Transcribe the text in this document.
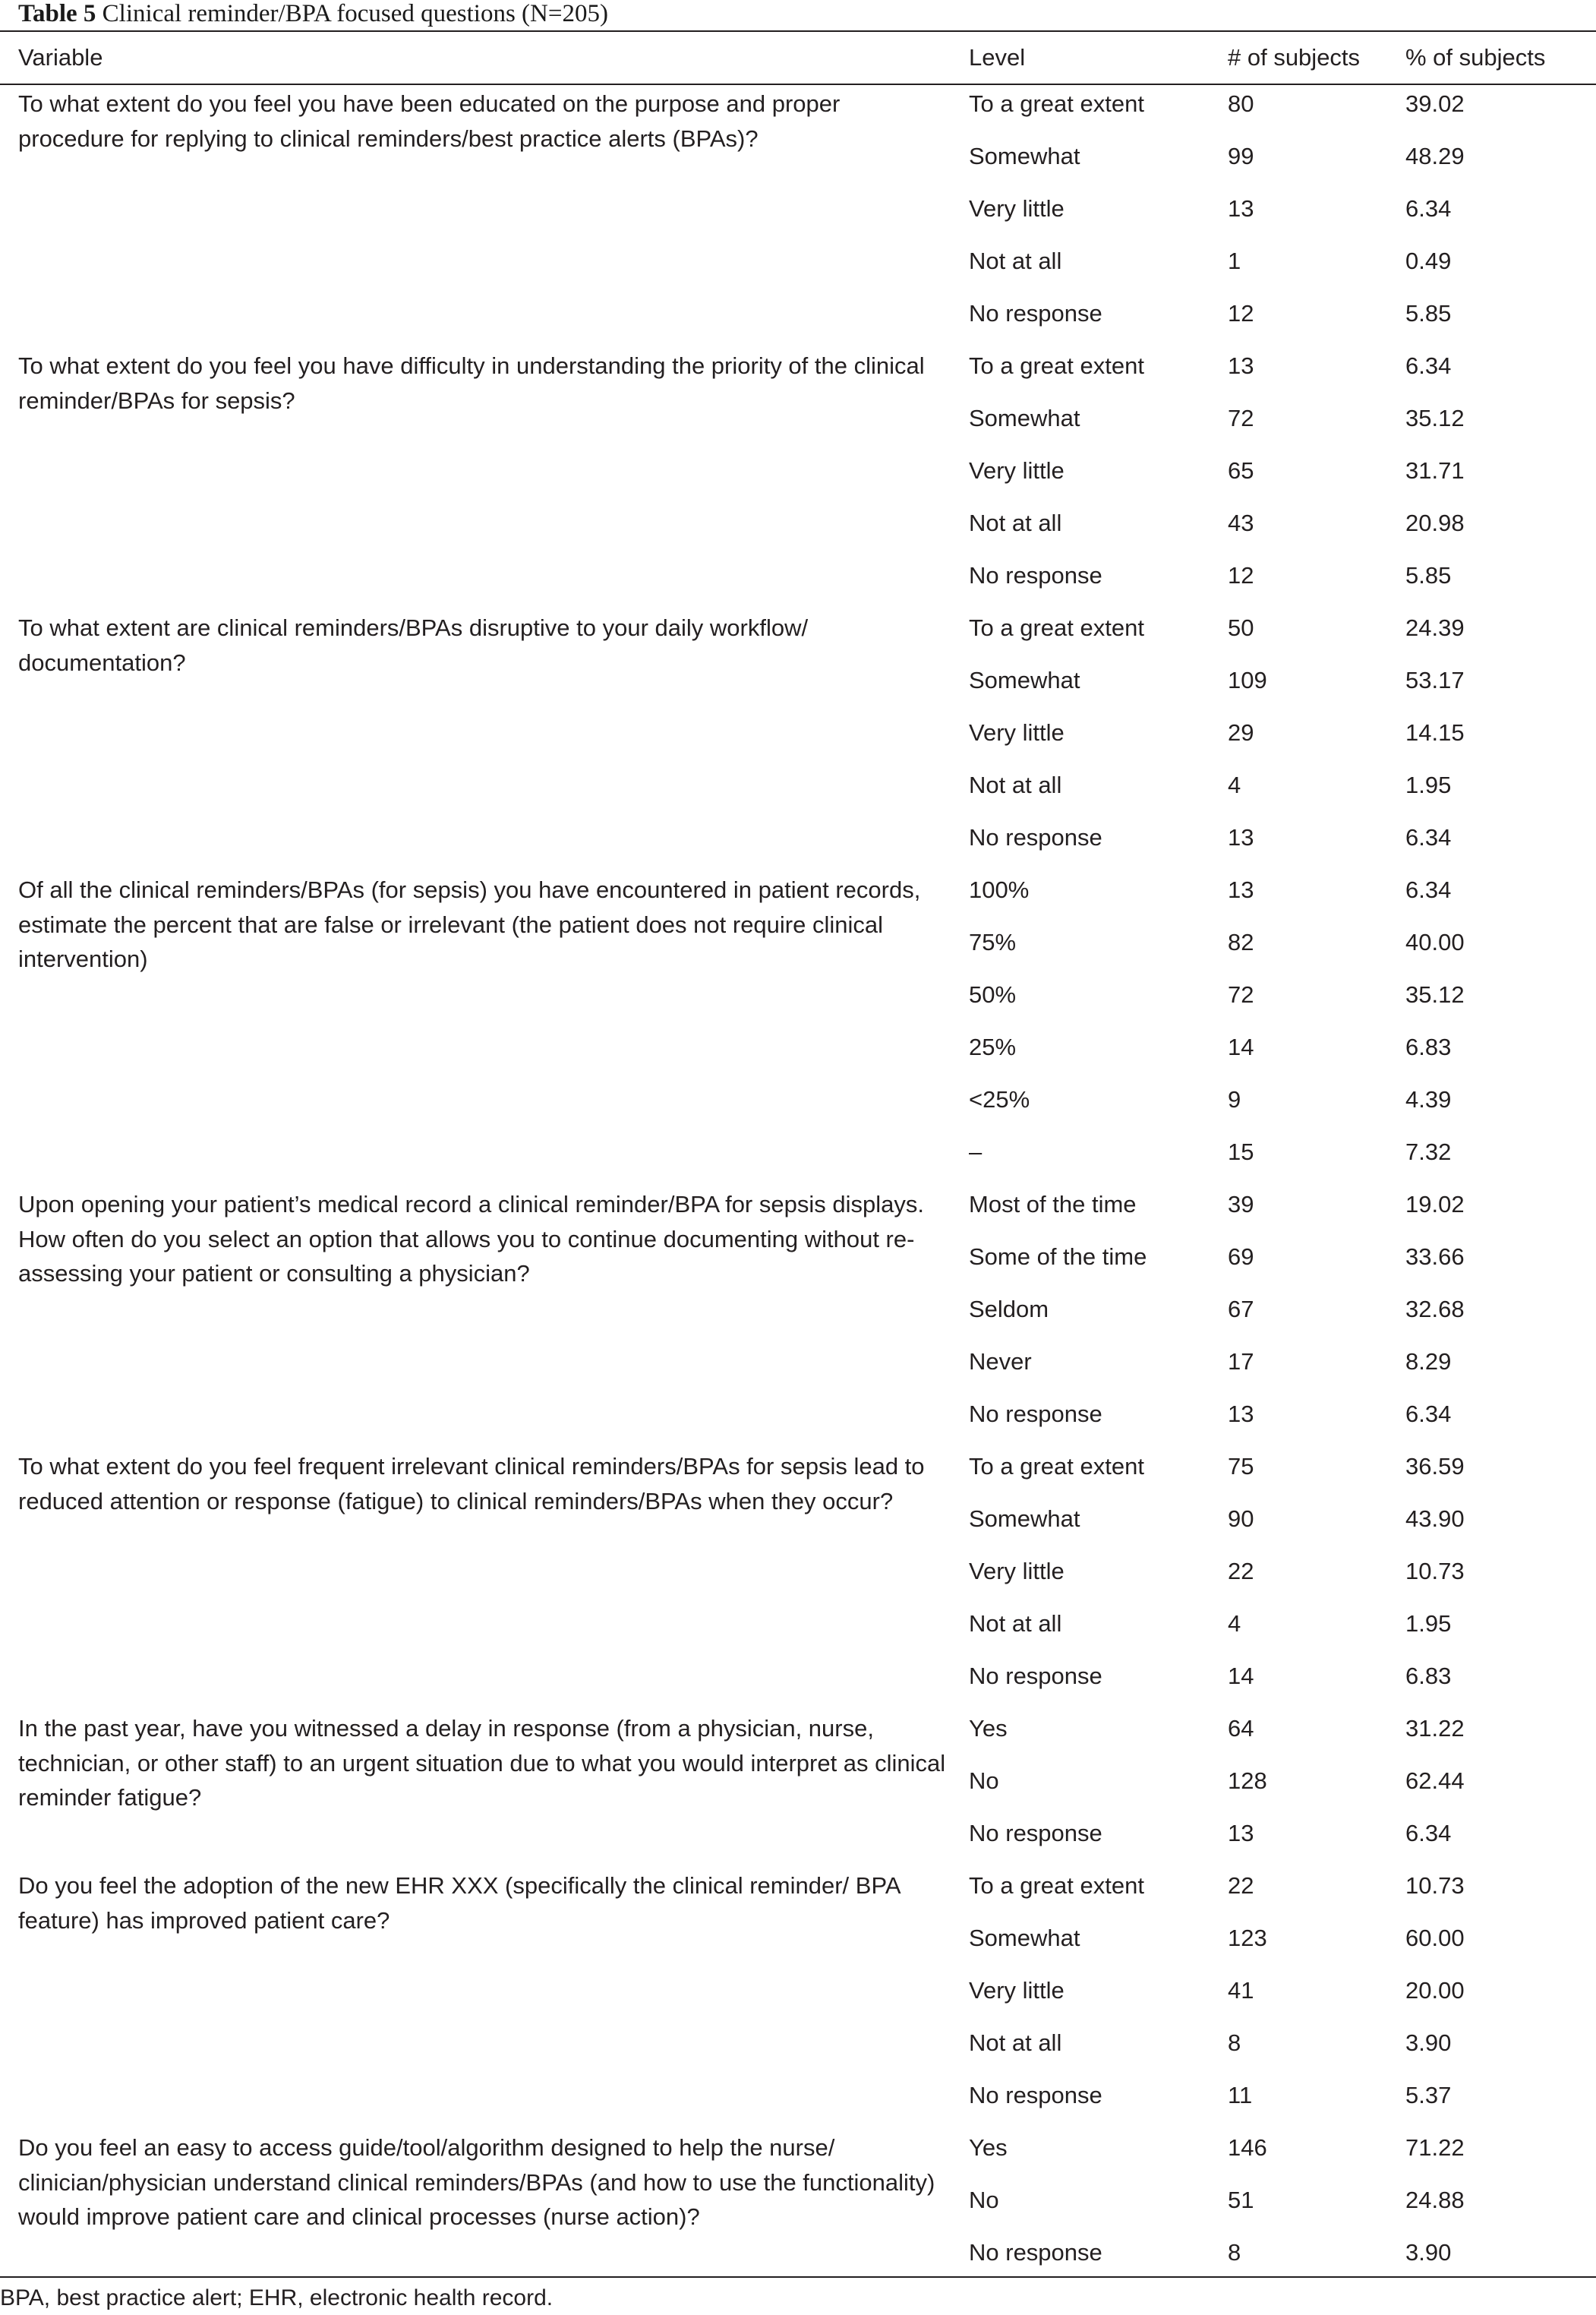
Table 5 Clinical reminder/BPA focused questions (N=205)
Variable	Level	# of subjects % of subjects
To what extent do you feel you have been educated on the purpose and proper procedure for replying to clinical reminders/best practice alerts (BPAs)?
To a great extent	80	39.02
Somewhat	99	48.29
Very little	13	6.34
Not at all	1	0.49
No response	12	5.85
To what extent do you feel you have difficulty in understanding the priority of the clinical reminder/BPAs for sepsis?
To a great extent	13	6.34
Somewhat	72	35.12
Very little	65	31.71
Not at all	43	20.98
No response	12	5.85
To what extent are clinical reminders/BPAs disruptive to your daily workflow/ documentation?
To a great extent	50	24.39
Somewhat	109	53.17
Very little	29	14.15
Not at all	4	1.95
No response	13	6.34
Of all the clinical reminders/BPAs (for sepsis) you have encountered in patient records, estimate the percent that are false or irrelevant (the patient does not require clinical intervention)
100%	13	6.34
75%	82	40.00
50%	72	35.12
25%	14	6.83
<25%	9	4.39
–	15	7.32
Upon opening your patient’s medical record a clinical reminder/BPA for sepsis displays. How often do you select an option that allows you to continue documenting without re-assessing your patient or consulting a physician?
Most of the time	39	19.02
Some of the time	69	33.66
Seldom	67	32.68
Never	17	8.29
No response	13	6.34
To what extent do you feel frequent irrelevant clinical reminders/BPAs for sepsis lead to reduced attention or response (fatigue) to clinical reminders/BPAs when they occur?
To a great extent	75	36.59
Somewhat	90	43.90
Very little	22	10.73
Not at all	4	1.95
No response	14	6.83
In the past year, have you witnessed a delay in response (from a physician, nurse, technician, or other staff) to an urgent situation due to what you would interpret as clinical reminder fatigue?
Yes	64	31.22
No	128	62.44
No response	13	6.34
Do you feel the adoption of the new EHR XXX (specifically the clinical reminder/ BPA feature) has improved patient care?
To a great extent	22	10.73
Somewhat	123	60.00
Very little	41	20.00
Not at all	8	3.90
No response	11	5.37
Do you feel an easy to access guide/tool/algorithm designed to help the nurse/ clinician/physician understand clinical reminders/BPAs (and how to use the functionality) would improve patient care and clinical processes (nurse action)?
Yes	146	71.22
No	51	24.88
No response	8	3.90
BPA, best practice alert; EHR, electronic health record.
